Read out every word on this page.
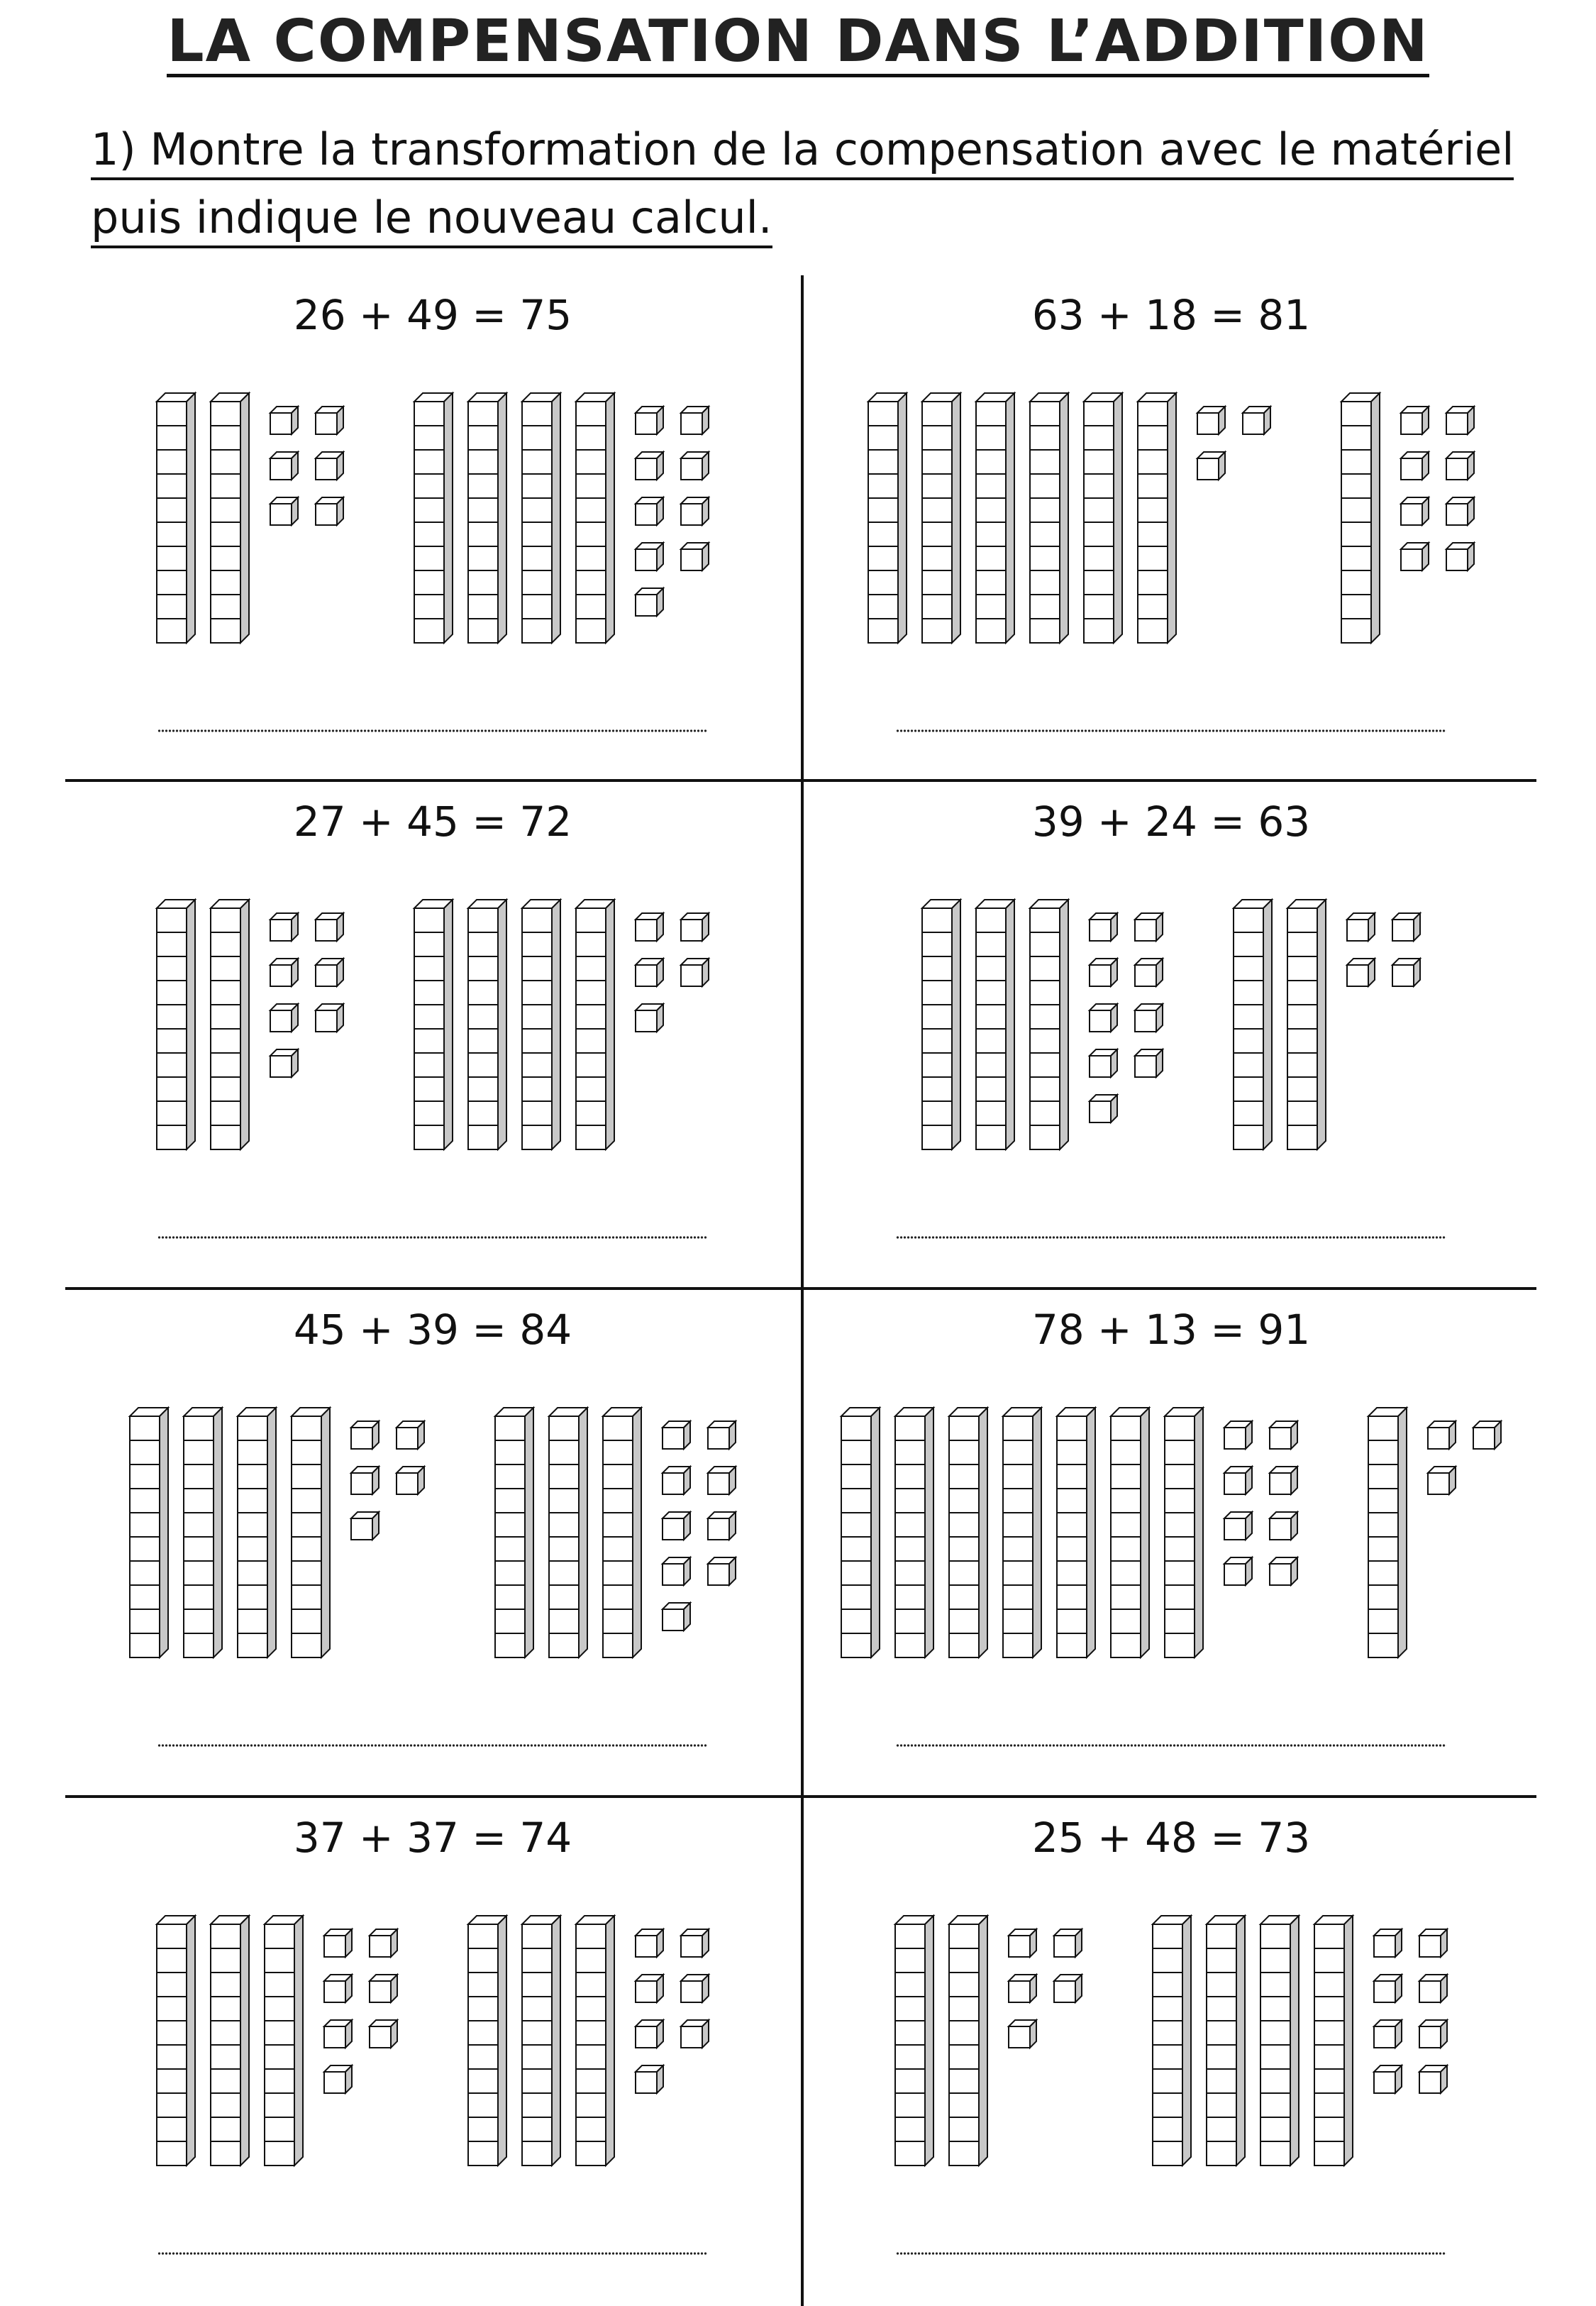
LA COMPENSATION DANS L’ADDITION
1) Montre la transformation de la compensation avec le matériel
puis indique le nouveau calcul.
26 + 49 = 75	63 + 18 = 81
27 + 45 = 72	39 + 24 = 63
45 + 39 = 84	78 + 13 = 91
37 + 37 = 74	25 + 48 = 73
